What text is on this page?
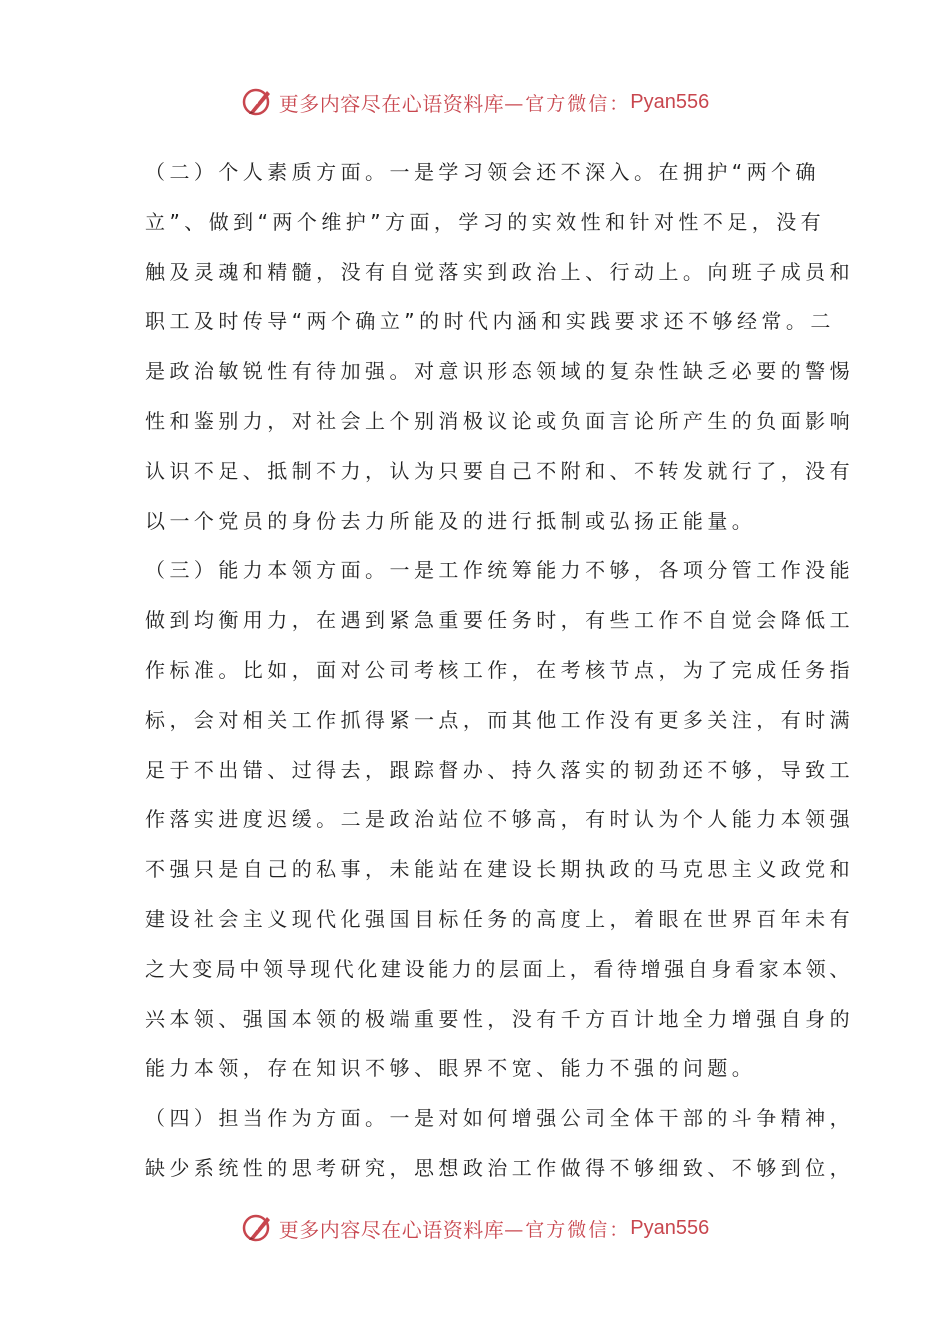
更多内容尽在心语资料库 —官方微信： Pyan556
（二）个人素质方面。一是学习领会还不深入。在拥护“两个确
立”、做到“两个维护”方面，学习的实效性和针对性不足，没有
触及灵魂和精髓，没有自觉落实到政治上、行动上。向班子成员和
职工及时传导“两个确立”的时代内涵和实践要求还不够经常。二
是政治敏锐性有待加强。对意识形态领域的复杂性缺乏必要的警惕
性和鉴别力，对社会上个别消极议论或负面言论所产生的负面影响
认识不足、抵制不力，认为只要自己不附和、不转发就行了，没有
以一个党员的身份去力所能及的进行抵制或弘扬正能量。
（三）能力本领方面。一是工作统筹能力不够，各项分管工作没能
做到均衡用力，在遇到紧急重要任务时，有些工作不自觉会降低工
作标准。比如，面对公司考核工作，在考核节点，为了完成任务指
标，会对相关工作抓得紧一点，而其他工作没有更多关注，有时满
足于不出错、过得去，跟踪督办、持久落实的韧劲还不够，导致工
作落实进度迟缓。二是政治站位不够高，有时认为个人能力本领强
不强只是自己的私事，未能站在建设长期执政的马克思主义政党和
建设社会主义现代化强国目标任务的高度上，着眼在世界百年未有
之大变局中领导现代化建设能力的层面上，看待增强自身看家本领、
兴本领、强国本领的极端重要性，没有千方百计地全力增强自身的
能力本领，存在知识不够、眼界不宽、能力不强的问题。
（四）担当作为方面。一是对如何增强公司全体干部的斗争精神，
缺少系统性的思考研究，思想政治工作做得不够细致、不够到位，
更多内容尽在心语资料库 —官方微信： Pyan556
